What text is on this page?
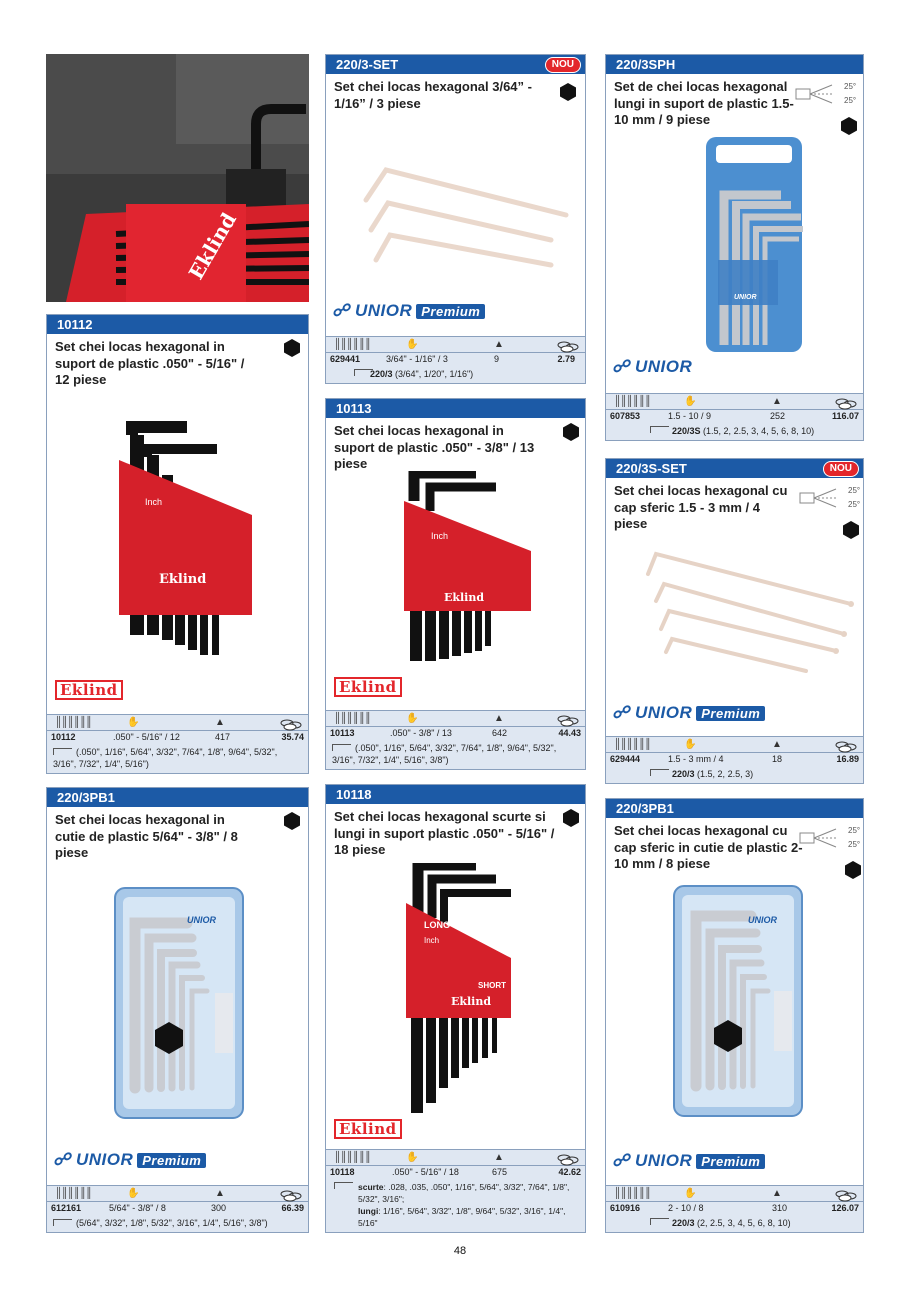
Eklind
10112
Set chei locas hexagonal in suport de plastic .050" - 5/16" / 12 piese
Inch
Eklind
Eklind
║║║║║║	✋	▲
10112	.050" - 5/16" / 12	417	35.74
(.050", 1/16", 5/64", 3/32", 7/64", 1/8", 9/64", 5/32", 3/16", 7/32", 1/4", 5/16")
220/3PB1
Set chei locas hexagonal in cutie de plastic 5/64" - 3/8" / 8 piese
UNIOR
☍ UNIOR Premium
║║║║║║	✋	▲
612161	5/64" - 3/8" / 8	300	66.39
(5/64", 3/32", 1/8", 5/32", 3/16", 1/4", 5/16", 3/8")
220/3-SET	NOU
Set chei locas hexagonal 3/64” - 1/16” / 3 piese
☍ UNIOR Premium
║║║║║║	✋	▲
629441	3/64" - 1/16" / 3	9	2.79
220/3 (3/64", 1/20", 1/16")
10113
Set chei locas hexagonal in suport de plastic .050" - 3/8" / 13 piese
Inch
Eklind
Eklind
║║║║║║	✋	▲
10113	.050" - 3/8" / 13	642	44.43
(.050", 1/16", 5/64", 3/32", 7/64", 1/8", 9/64", 5/32", 3/16", 7/32", 1/4", 5/16", 3/8")
10118
Set chei locas hexagonal scurte si lungi in suport plastic .050" - 5/16" / 18 piese
LONG
Inch
SHORT
Eklind
Eklind
║║║║║║	✋	▲
10118	.050" - 5/16" / 18	675	42.62
scurte: .028, .035, .050", 1/16", 5/64", 3/32", 7/64", 1/8", 5/32", 3/16";
lungi: 1/16", 5/64", 3/32", 1/8", 9/64", 5/32", 3/16", 1/4", 5/16"
220/3SPH
Set de chei locas hexagonal lungi in suport de plastic 1.5-10 mm / 9 piese
25°
25°
UNIOR
☍ UNIOR
║║║║║║	✋	▲
607853	1.5 - 10 / 9	252	116.07
220/3S (1.5, 2, 2.5, 3, 4, 5, 6, 8, 10)
220/3S-SET	NOU
Set chei locas hexagonal cu cap sferic 1.5 - 3 mm / 4 piese
25°
25°
☍ UNIOR Premium
║║║║║║	✋	▲
629444	1.5 - 3 mm / 4	18	16.89
220/3 (1.5, 2, 2.5, 3)
220/3PB1
Set chei locas hexagonal cu cap sferic in cutie de plastic 2-10 mm / 8 piese
25°
25°
UNIOR
☍ UNIOR Premium
║║║║║║	✋	▲
610916	2 - 10 / 8	310	126.07
220/3 (2, 2.5, 3, 4, 5, 6, 8, 10)
48
